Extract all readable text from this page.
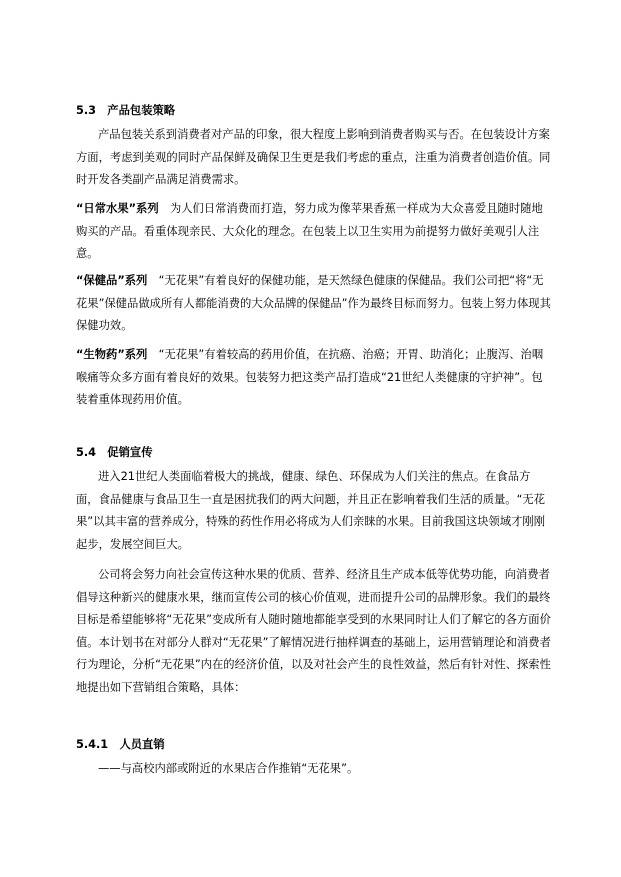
5.3　产品包装策略
产品包装关系到消费者对产品的印象，很大程度上影响到消费者购买与否。在包装设计方案方面，考虑到美观的同时产品保鲜及确保卫生更是我们考虑的重点，注重为消费者创造价值。同时开发各类副产品满足消费需求。
“日常水果”系列　为人们日常消费而打造，努力成为像苹果香蕉一样成为大众喜爱且随时随地购买的产品。看重体现亲民、大众化的理念。在包装上以卫生实用为前提努力做好美观引人注意。
“保健品”系列　“无花果”有着良好的保健功能，是天然绿色健康的保健品。我们公司把“将“无花果”保健品做成所有人都能消费的大众品牌的保健品”作为最终目标而努力。包装上努力体现其保健功效。
“生物药”系列　“无花果”有着较高的药用价值，在抗癌、治癌；开胃、助消化；止腹泻、治咽喉痛等众多方面有着良好的效果。包装努力把这类产品打造成“21世纪人类健康的守护神”。包装着重体现药用价值。
5.4　促销宣传
进入21世纪人类面临着极大的挑战，健康、绿色、环保成为人们关注的焦点。在食品方面，食品健康与食品卫生一直是困扰我们的两大问题，并且正在影响着我们生活的质量。“无花果”以其丰富的营养成分，特殊的药性作用必将成为人们亲睐的水果。目前我国这块领域才刚刚起步，发展空间巨大。
公司将会努力向社会宣传这种水果的优质、营养、经济且生产成本低等优势功能，向消费者倡导这种新兴的健康水果，继而宣传公司的核心价值观，进而提升公司的品牌形象。我们的最终目标是希望能够将“无花果”变成所有人随时随地都能享受到的水果同时让人们了解它的各方面价值。本计划书在对部分人群对“无花果”了解情况进行抽样调查的基础上，运用营销理论和消费者行为理论，分析“无花果”内在的经济价值，以及对社会产生的良性效益，然后有针对性、探索性地提出如下营销组合策略，具体：
5.4.1　人员直销
——与高校内部或附近的水果店合作推销“无花果”。
